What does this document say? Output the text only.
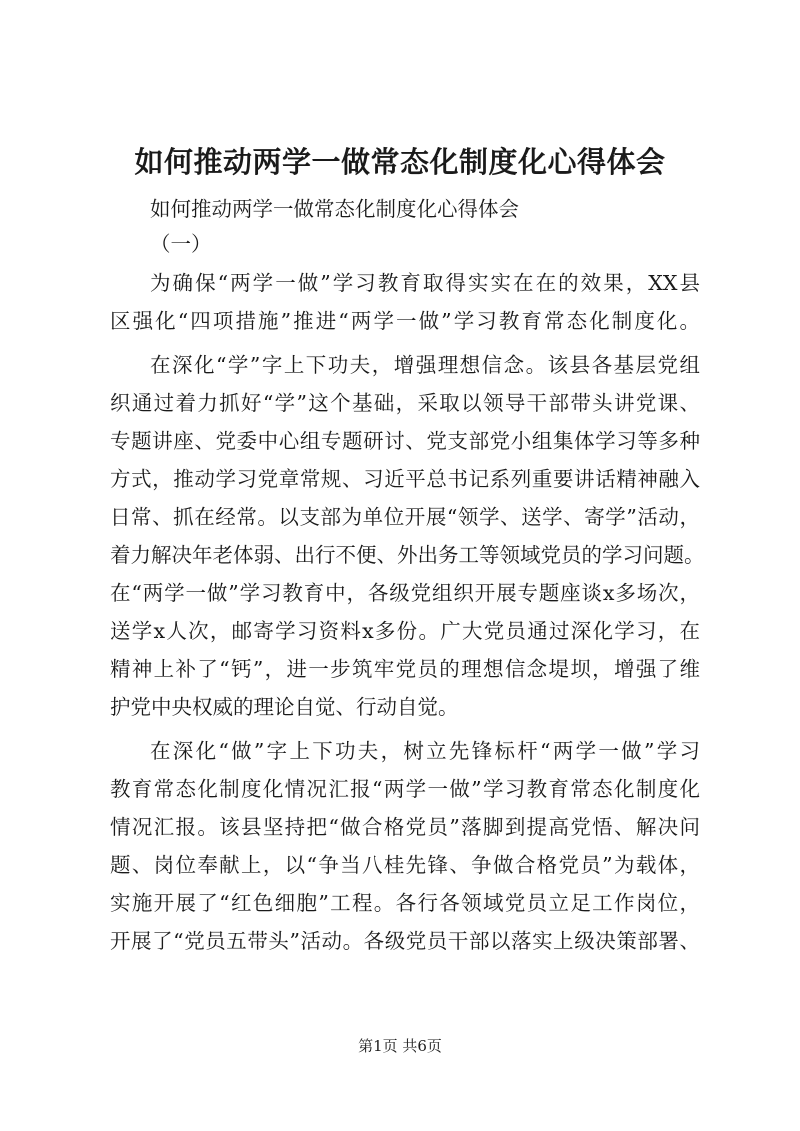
如何推动两学一做常态化制度化心得体会
如何推动两学一做常态化制度化心得体会
（一）
为确保“两学一做”学习教育取得实实在在的效果，XX县
区强化“四项措施”推进“两学一做”学习教育常态化制度化。
在深化“学”字上下功夫，增强理想信念。该县各基层党组
织通过着力抓好“学”这个基础，采取以领导干部带头讲党课、
专题讲座、党委中心组专题研讨、党支部党小组集体学习等多种
方式，推动学习党章常规、习近平总书记系列重要讲话精神融入
日常、抓在经常。以支部为单位开展“领学、送学、寄学”活动，
着力解决年老体弱、出行不便、外出务工等领域党员的学习问题。
在“两学一做”学习教育中，各级党组织开展专题座谈x多场次，
送学x人次，邮寄学习资料x多份。广大党员通过深化学习，在
精神上补了“钙”，进一步筑牢党员的理想信念堤坝，增强了维
护党中央权威的理论自觉、行动自觉。
在深化“做”字上下功夫，树立先锋标杆“两学一做”学习
教育常态化制度化情况汇报“两学一做”学习教育常态化制度化
情况汇报。该县坚持把“做合格党员”落脚到提高党悟、解决问
题、岗位奉献上，以“争当八桂先锋、争做合格党员”为载体，
实施开展了“红色细胞”工程。各行各领域党员立足工作岗位，
开展了“党员五带头”活动。各级党员干部以落实上级决策部署、
第1页 共6页
